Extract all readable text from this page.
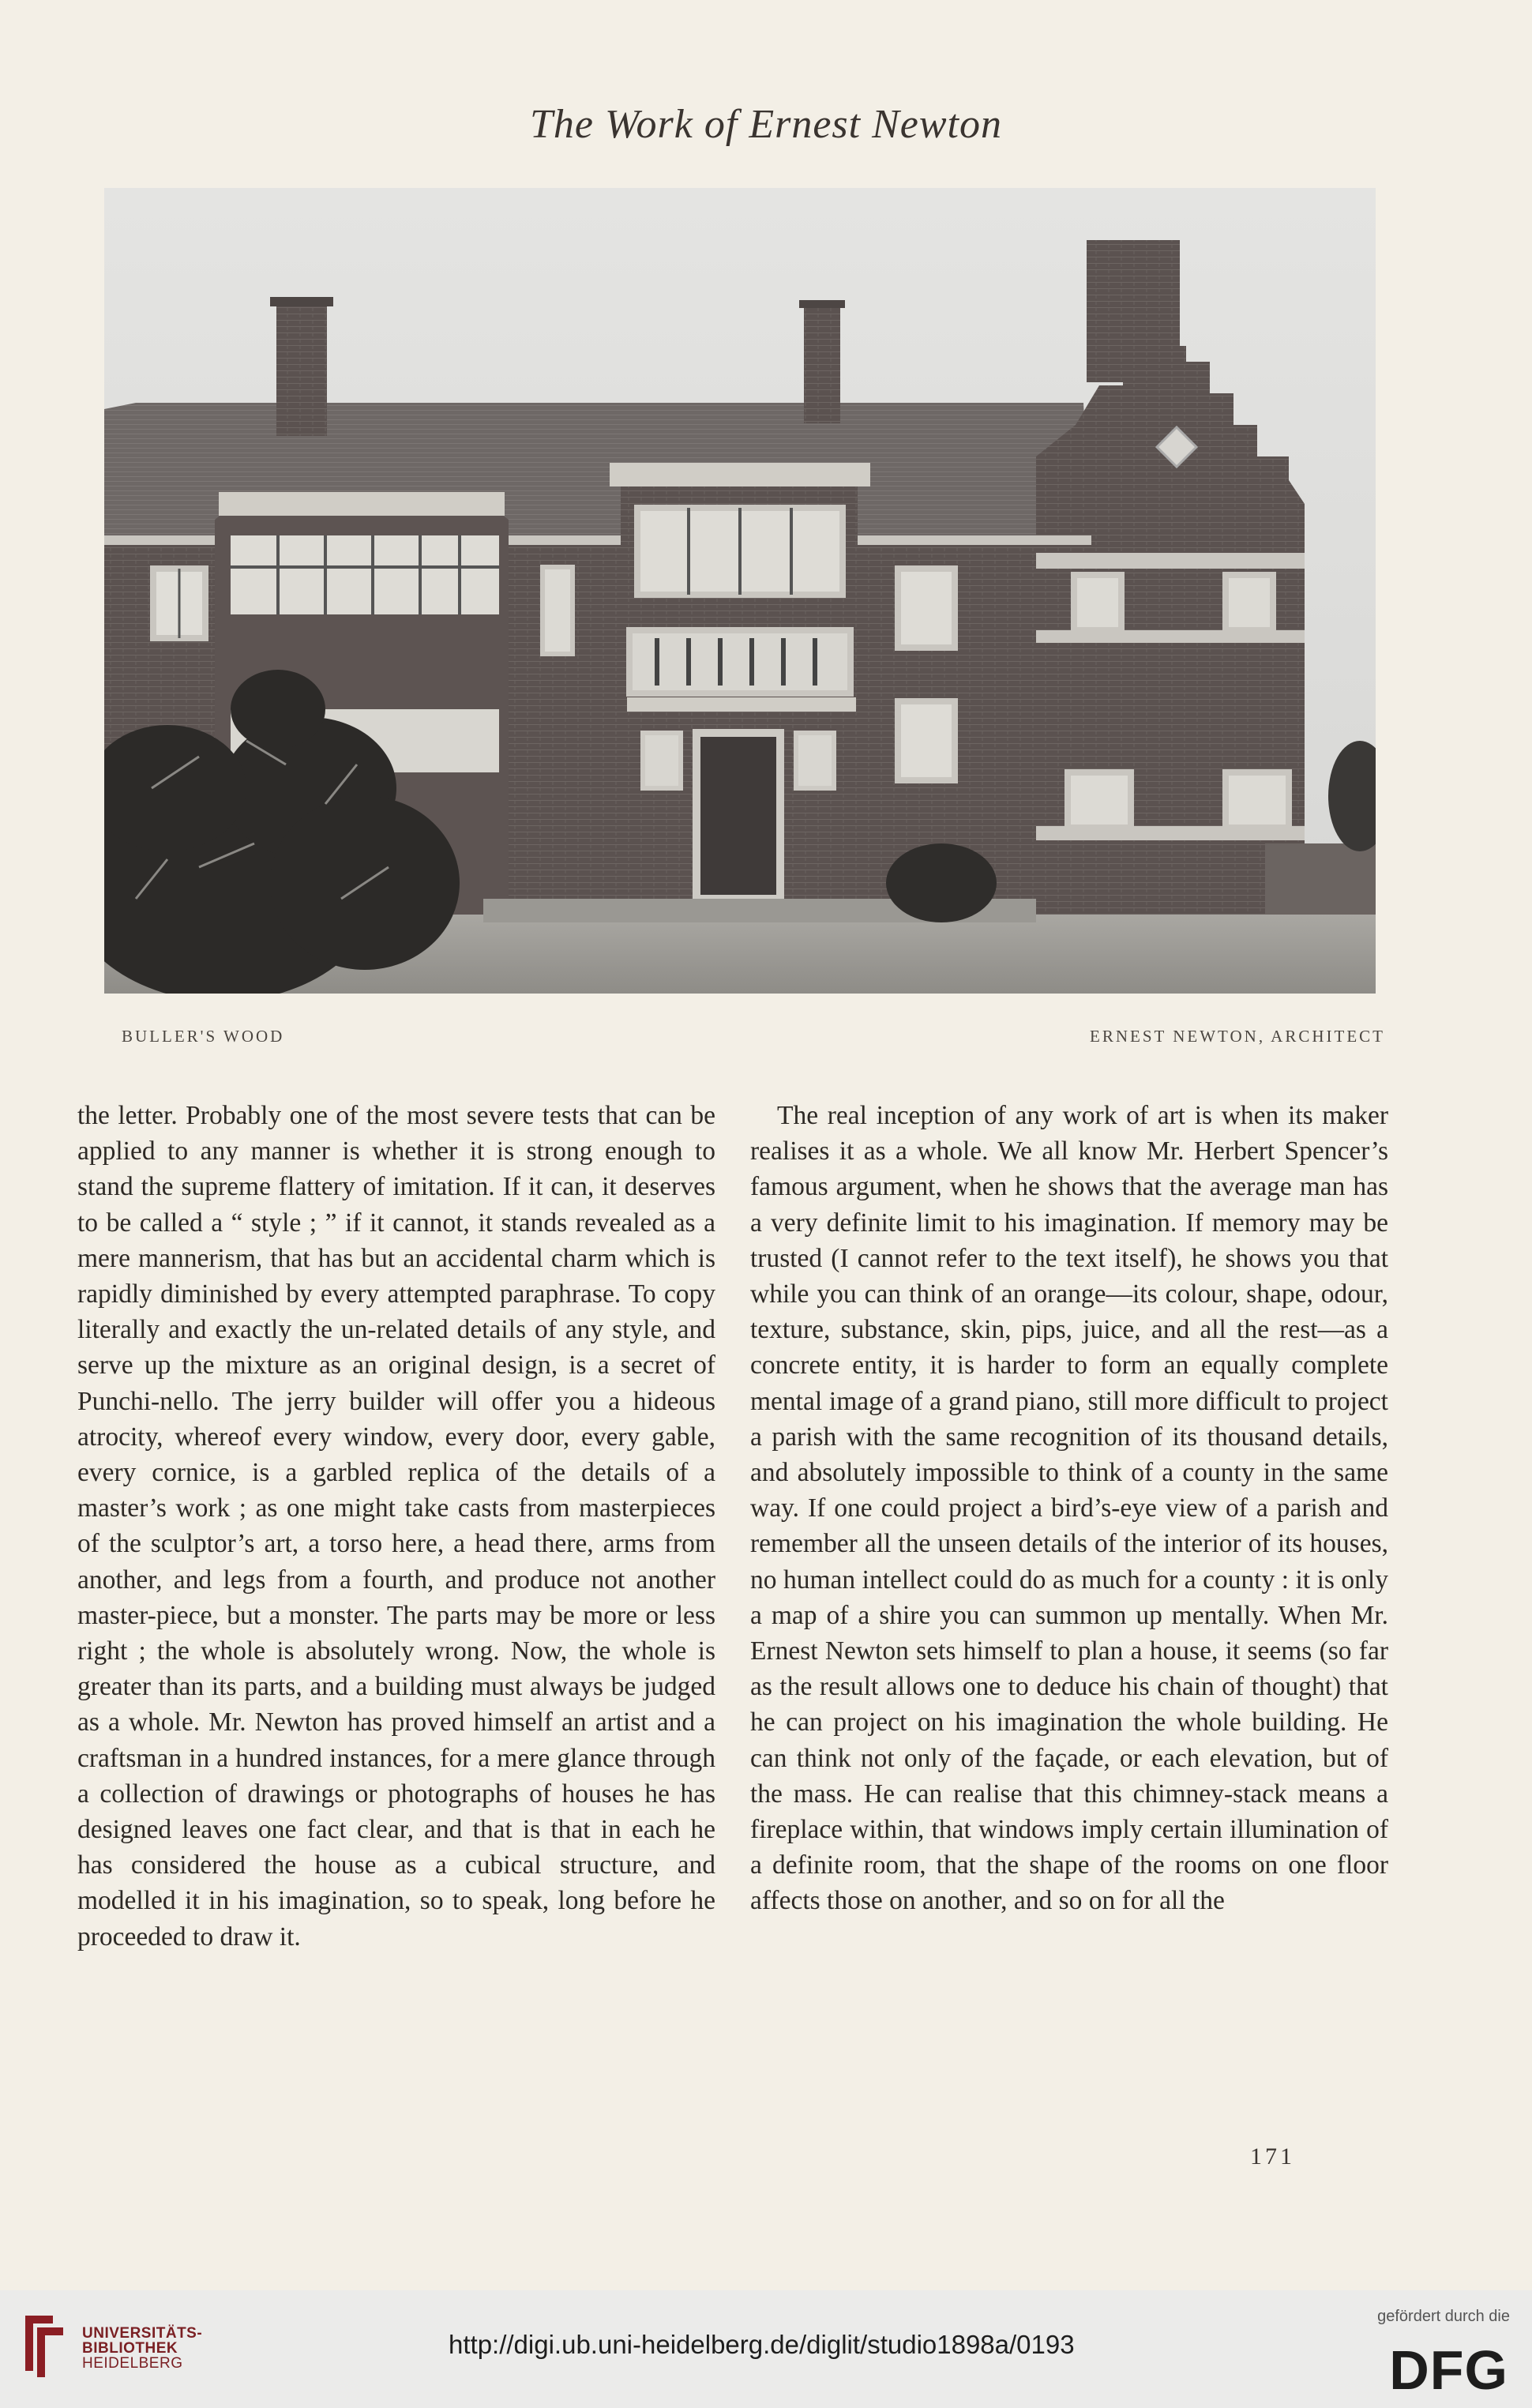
The Work of Ernest Newton
BULLER'S WOOD	ERNEST NEWTON, ARCHITECT

the letter. Probably one of the most severe tests that can be applied to any manner is whether it is strong enough to stand the supreme flattery of imitation. If it can, it deserves to be called a “ style ; ” if it cannot, it stands revealed as a mere mannerism, that has but an accidental charm which is rapidly diminished by every attempted paraphrase. To copy literally and exactly the un-related details of any style, and serve up the mixture as an original design, is a secret of Punchi-nello. The jerry builder will offer you a hideous atrocity, whereof every window, every door, every gable, every cornice, is a garbled replica of the details of a master’s work ; as one might take casts from masterpieces of the sculptor’s art, a torso here, a head there, arms from another, and legs from a fourth, and produce not another master-piece, but a monster. The parts may be more or less right ; the whole is absolutely wrong. Now, the whole is greater than its parts, and a building must always be judged as a whole. Mr. Newton has proved himself an artist and a craftsman in a hundred instances, for a mere glance through a collection of drawings or photographs of houses he has designed leaves one fact clear, and that is that in each he has considered the house as a cubical structure, and modelled it in his imagination, so to speak, long before he proceeded to draw it.

The real inception of any work of art is when its maker realises it as a whole. We all know Mr. Herbert Spencer’s famous argument, when he shows that the average man has a very definite limit to his imagination. If memory may be trusted (I cannot refer to the text itself), he shows you that while you can think of an orange—its colour, shape, odour, texture, substance, skin, pips, juice, and all the rest—as a concrete entity, it is harder to form an equally complete mental image of a grand piano, still more difficult to project a parish with the same recognition of its thousand details, and absolutely impossible to think of a county in the same way. If one could project a bird’s-eye view of a parish and remember all the unseen details of the interior of its houses, no human intellect could do as much for a county : it is only a map of a shire you can summon up mentally. When Mr. Ernest Newton sets himself to plan a house, it seems (so far as the result allows one to deduce his chain of thought) that he can project on his imagination the whole building. He can think not only of the façade, or each elevation, but of the mass. He can realise that this chimney-stack means a fireplace within, that windows imply certain illumination of a definite room, that the shape of the rooms on one floor affects those on another, and so on for all the

171
UNIVERSITÄTS-
BIBLIOTHEK
HEIDELBERG
http://digi.ub.uni-heidelberg.de/diglit/studio1898a/0193
gefördert durch die
DFG
